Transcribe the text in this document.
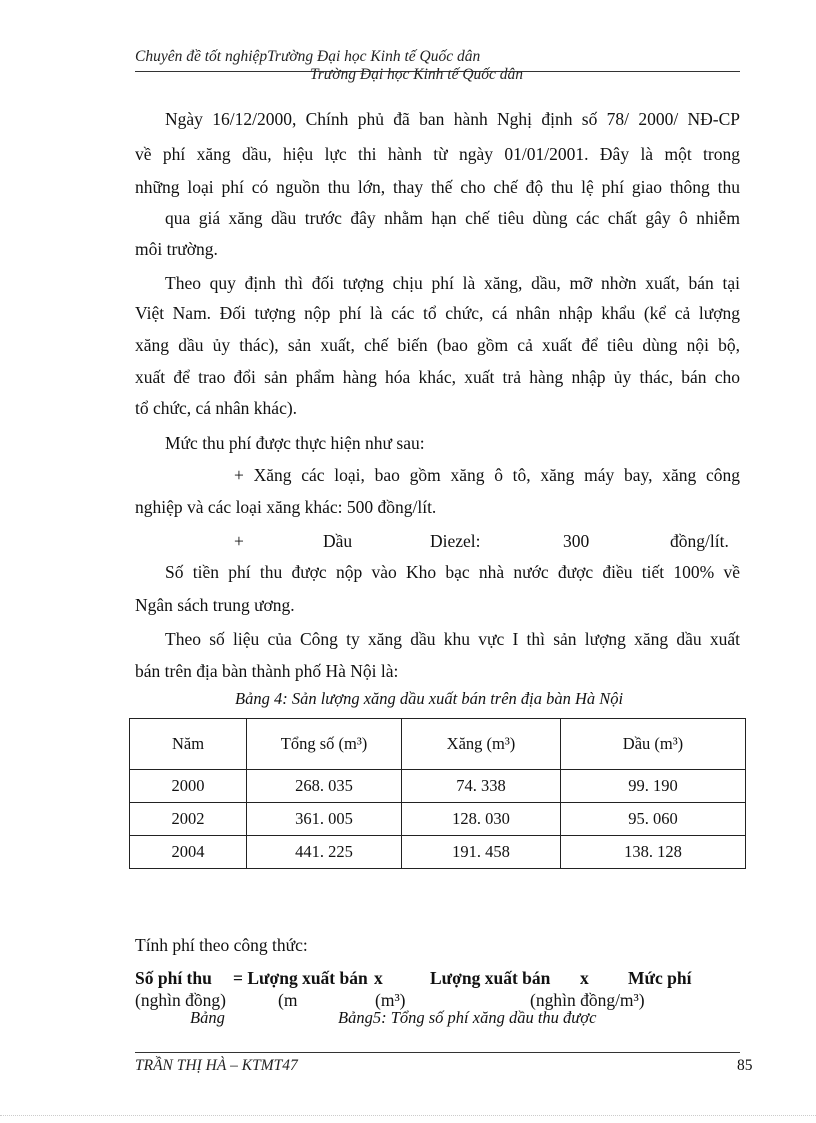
Chuyên đề tốt nghiệpTrường Đại học Kinh tế Quốc dân
Trường Đại học Kinh tế Quốc dân
Ngày 16/12/2000, Chính phủ đã ban hành Nghị định số 78/ 2000/ NĐ-CP
về phí xăng dầu, hiệu lực thi hành từ ngày 01/01/2001. Đây là một trong
những loại phí có nguồn thu lớn, thay thế cho chế độ thu lệ phí giao thông thu
qua giá xăng dầu trước đây nhằm hạn chế tiêu dùng các chất gây ô nhiễm
môi trường.
Theo quy định thì đối tượng chịu phí là xăng, dầu, mỡ nhờn xuất, bán tại
Việt Nam. Đối tượng nộp phí là các tổ chức, cá nhân nhập khẩu (kể cả lượng
xăng dầu ủy thác), sản xuất, chế biến (bao gồm cả xuất để tiêu dùng nội bộ,
xuất để trao đổi sản phẩm hàng hóa khác, xuất trả hàng nhập ủy thác, bán cho
tổ chức, cá nhân khác).
Mức thu phí được thực hiện như sau:
+ Xăng các loại, bao gồm xăng ô tô, xăng máy bay, xăng công
nghiệp và các loại xăng khác: 500 đồng/lít.
+	Dầu	Diezel:	300	đồng/lít.
Số tiền phí thu được nộp vào Kho bạc nhà nước được điều tiết 100% về
Ngân sách trung ương.
Theo số liệu của Công ty xăng dầu khu vực I thì sản lượng xăng dầu xuất
bán trên địa bàn thành phố Hà Nội là:
Bảng 4: Sản lượng xăng dầu xuất bán trên địa bàn Hà Nội
Năm	Tổng số (m³)	Xăng (m³)	Dầu (m³)
2000	268. 035	74. 338	99. 190
2002	361. 005	128. 030	95. 060
2004	441. 225	191. 458	138. 128
Tính phí theo công thức:
Số phí thu = Lượng xuất bán x	Lượng xuất bán x Mức phí
(nghìn đồng)	(m	(m³)	(nghìn đồng/m³)
Bảng	Bảng5: Tổng số phí xăng dầu thu được
TRẦN THỊ HÀ – KTMT47	85
